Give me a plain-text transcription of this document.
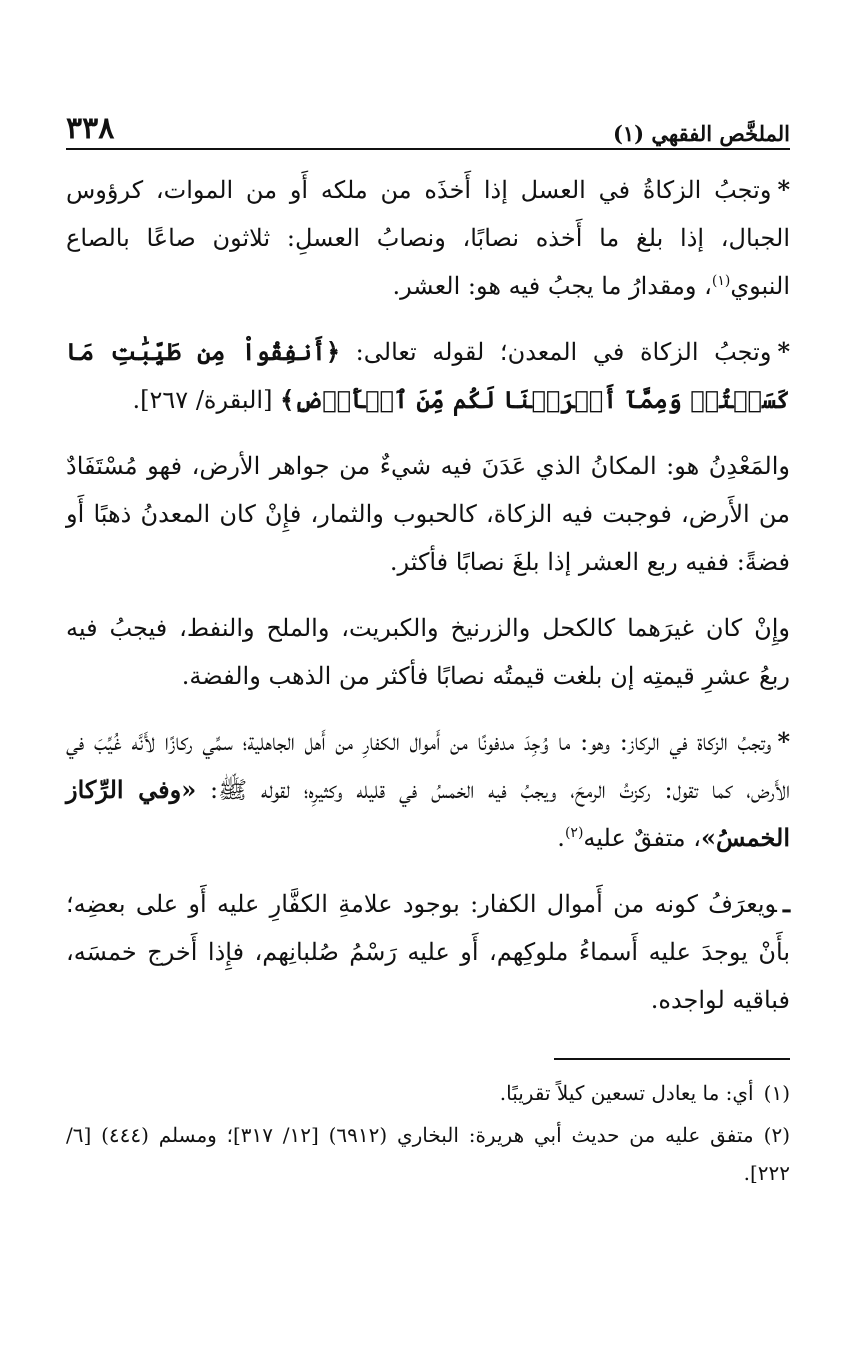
الملخَّص الفقهي (١)
٣٣٨

*وتجبُ الزكاةُ في العسل إذا أَخذَه من ملكه أَو من الموات، كرؤوس الجبال، إذا بلغ ما أَخذه نصابًا، ونصابُ العسلِ: ثلاثون صاعًا بالصاع النبوي$^{(١)}$، ومقدارُ ما يجبُ فيه هو: العشر.

*وتجبُ الزكاة في المعدن؛ لقوله تعالى: ﴿أَنفِقُواْ مِن طَيِّبَٰتِ مَا كَسَبۡتُمۡ وَمِمَّآ أَخۡرَجۡنَا لَكُم مِّنَ ٱلۡأَرۡضِ﴾ [البقرة/ ٢٦٧].

والمَعْدِنُ هو: المكانُ الذي عَدَنَ فيه شيءٌ من جواهر الأرض، فهو مُسْتَفَادٌ من الأَرض، فوجبت فيه الزكاة، كالحبوب والثمار، فإِنْ كان المعدنُ ذهبًا أَو فضةً: ففيه ربع العشر إذا بلغَ نصابًا فأكثر.

وإِنْ كان غيرَهما كالكحل والزرنيخ والكبريت، والملح والنفط، فيجبُ فيه ربعُ عشرِ قيمتِه إن بلغت قيمتُه نصابًا فأكثر من الذهب والفضة.

*وتجبُ الزكاة في الركاز: وهو: ما وُجِدَ مدفونًا من أَموال الكفارِ من أَهل الجاهلية؛ سمِّي ركازًا لأَنَّه غُيِّبَ في الأَرض، كما تقول: ركزتُ الرمحَ، ويجبُ فيه الخمسُ في قليله وكثيرِه؛ لقوله ﷺ: «وفي الرِّكاز الخمسُ»، متفقٌ عليه$^{(٢)}$.

ـويعرَفُ كونه من أَموال الكفار: بوجود علامةِ الكفَّارِ عليه أَو على بعضِه؛ بأَنْ يوجدَ عليه أَسماءُ ملوكِهم، أَو عليه رَسْمُ صُلبانِهم، فإِذا أَخرج خمسَه، فباقيه لواجده.

(١)أي: ما يعادل تسعين كيلاً تقريبًا.

(٢)متفق عليه من حديث أبي هريرة: البخاري (٦٩١٢) [١٢/ ٣١٧]؛ ومسلم (٤٤٤) [٦/ ٢٢٢].
